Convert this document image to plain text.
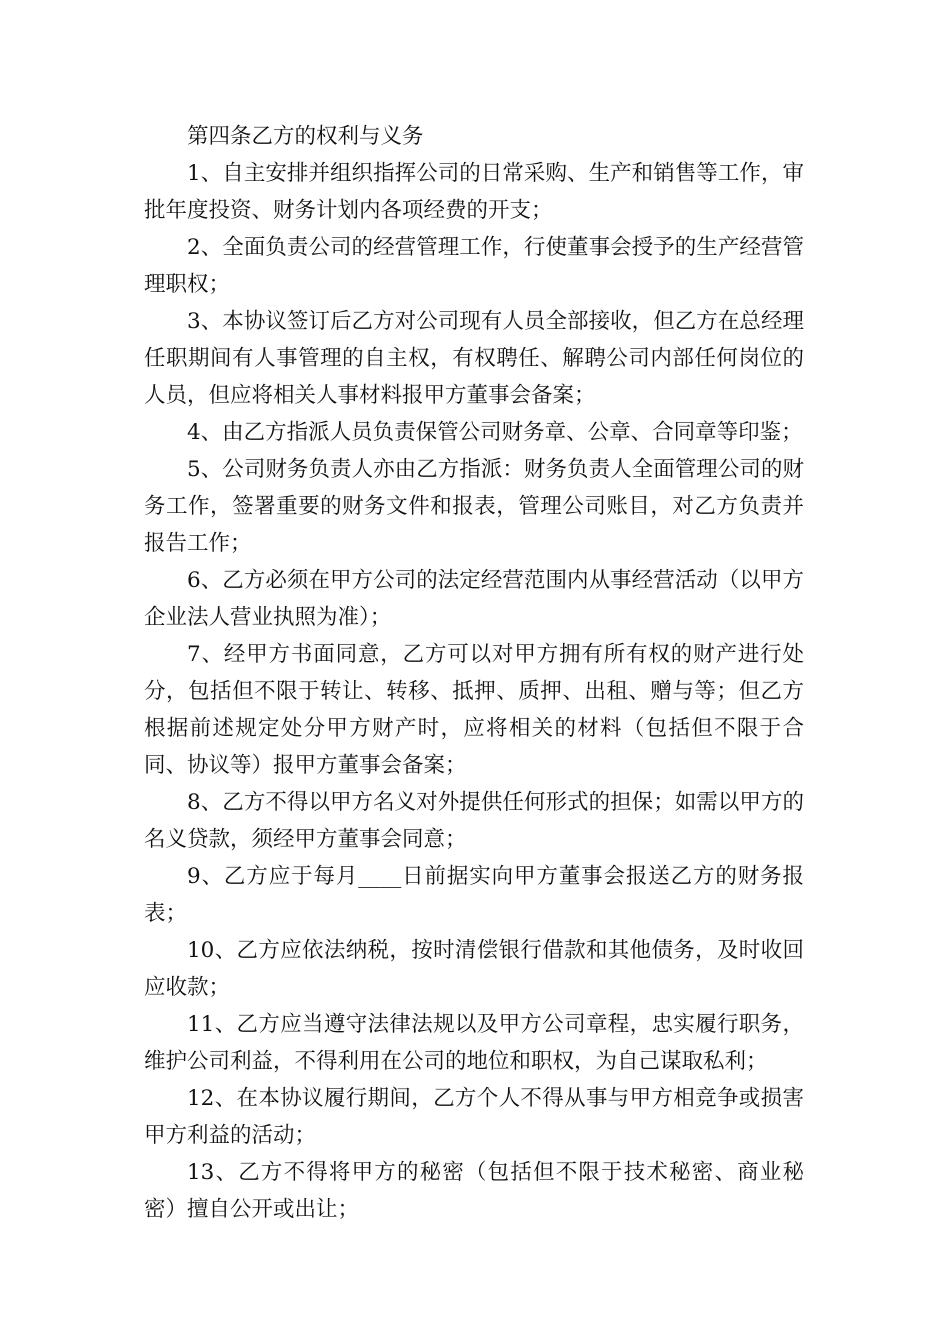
第四条乙方的权利与义务

1、自主安排并组织指挥公司的日常采购、生产和销售等工作，审批年度投资、财务计划内各项经费的开支；

2、全面负责公司的经营管理工作，行使董事会授予的生产经营管理职权；

3、本协议签订后乙方对公司现有人员全部接收，但乙方在总经理任职期间有人事管理的自主权，有权聘任、解聘公司内部任何岗位的人员，但应将相关人事材料报甲方董事会备案；

4、由乙方指派人员负责保管公司财务章、公章、合同章等印鉴；

5、公司财务负责人亦由乙方指派：财务负责人全面管理公司的财务工作，签署重要的财务文件和报表，管理公司账目，对乙方负责并报告工作；

6、乙方必须在甲方公司的法定经营范围内从事经营活动（以甲方企业法人营业执照为准）；

7、经甲方书面同意，乙方可以对甲方拥有所有权的财产进行处分，包括但不限于转让、转移、抵押、质押、出租、赠与等；但乙方根据前述规定处分甲方财产时，应将相关的材料（包括但不限于合同、协议等）报甲方董事会备案；

8、乙方不得以甲方名义对外提供任何形式的担保；如需以甲方的名义贷款，须经甲方董事会同意；

9、乙方应于每月____日前据实向甲方董事会报送乙方的财务报表；

10、乙方应依法纳税，按时清偿银行借款和其他债务，及时收回应收款；

11、乙方应当遵守法律法规以及甲方公司章程，忠实履行职务，维护公司利益，不得利用在公司的地位和职权，为自己谋取私利；

12、在本协议履行期间，乙方个人不得从事与甲方相竞争或损害甲方利益的活动；

13、乙方不得将甲方的秘密（包括但不限于技术秘密、商业秘密）擅自公开或出让；
